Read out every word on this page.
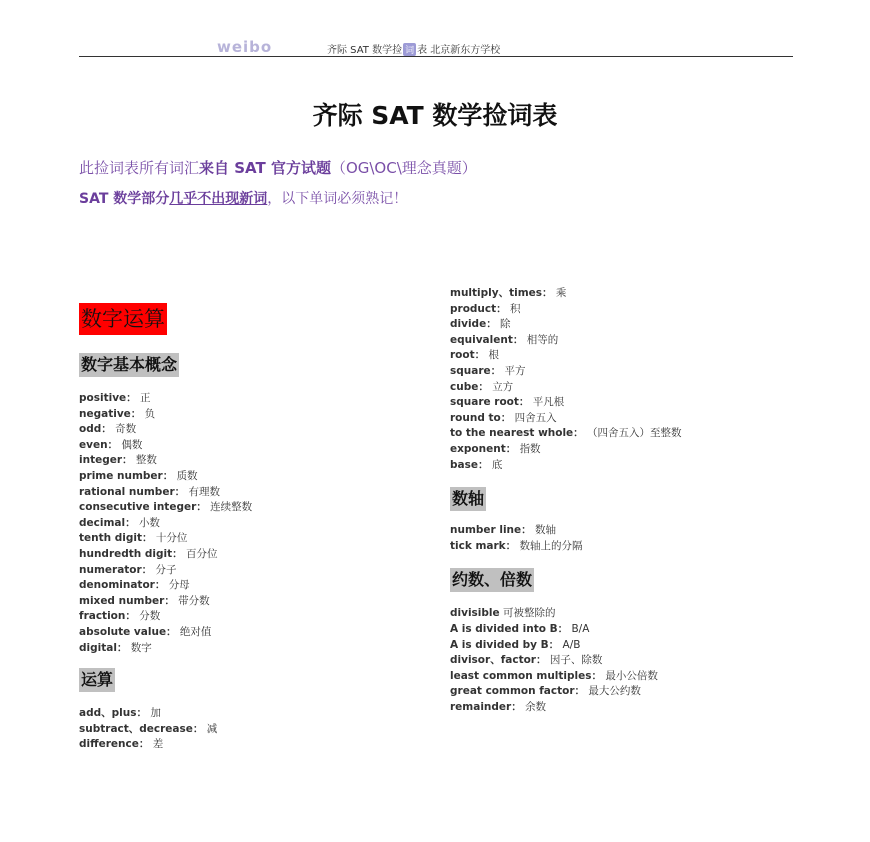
weibo	齐际 SAT 数学捡 词 表 北京新东方学校
齐际 SAT 数学捡词表
此捡词表所有词汇来自 SAT 官方试题（OG\OC\理念真题）
SAT 数学部分几乎不出现新词，以下单词必须熟记！
数字运算
数字基本概念
positive： 正
negative： 负
odd： 奇数
even： 偶数
integer： 整数
prime number： 质数
rational number： 有理数
consecutive integer： 连续整数
decimal： 小数
tenth digit： 十分位
hundredth digit： 百分位
numerator： 分子
denominator： 分母
mixed number： 带分数
fraction： 分数
absolute value： 绝对值
digital： 数字
运算
add、plus： 加
subtract、decrease： 减
difference： 差
multiply、times： 乘
product： 积
divide： 除
equivalent： 相等的
root： 根
square： 平方
cube： 立方
square root： 平凡根
round to： 四舍五入
to the nearest whole： （四舍五入）至整数
exponent： 指数
base： 底
数轴
number line： 数轴
tick mark： 数轴上的分隔
约数、倍数
divisible 可被整除的
A is divided into B： B/A
A is divided by B： A/B
divisor、factor： 因子、除数
least common multiples： 最小公倍数
great common factor： 最大公约数
remainder： 余数
